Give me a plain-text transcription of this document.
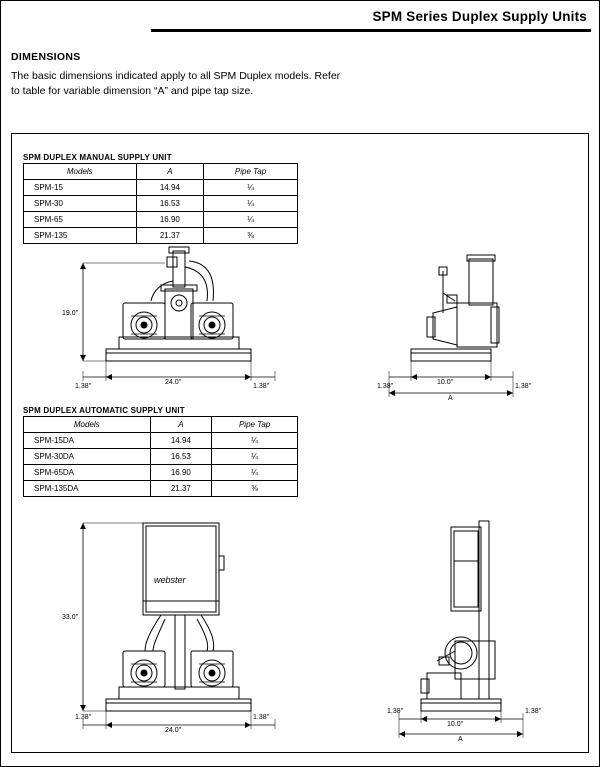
SPM Series Duplex Supply Units
DIMENSIONS
The basic dimensions indicated apply to all SPM Duplex models. Refer to table for variable dimension “A” and pipe tap size.
SPM DUPLEX MANUAL SUPPLY UNIT
Models	A	Pipe Tap
SPM-15	14.94	¼
SPM-30	16.53	¼
SPM-65	16.90	¼
SPM-135	21.37	⅜
19.0"
24.0"
1.38"	1.38"
10.0"
1.38"	1.38"
A
SPM DUPLEX AUTOMATIC SUPPLY UNIT
Models	A	Pipe Tap
SPM-15DA	14.94	¼
SPM-30DA	16.53	¼
SPM-65DA	16.90	¼
SPM-135DA	21.37	⅜
webster
33.0"
24.0"
1.38"	1.38"
10.0"
1.38"	1.38"
A
